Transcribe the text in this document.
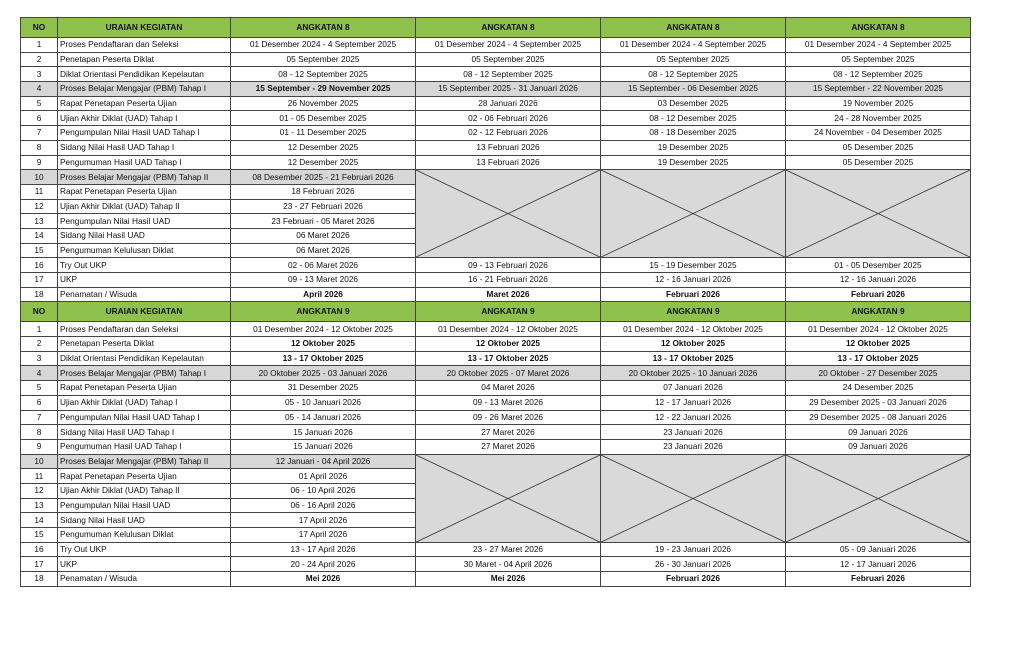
NO	URAIAN KEGIATAN	ANGKATAN 8	ANGKATAN 8	ANGKATAN 8	ANGKATAN 8
1	Proses Pendaftaran dan Seleksi	01 Desember 2024 - 4 September 2025	01 Desember 2024 - 4 September 2025	01 Desember 2024 - 4 September 2025	01 Desember 2024 - 4 September 2025
2	Penetapan Peserta Diklat	05 September 2025	05 September 2025	05 September 2025	05 September 2025
3	Diklat Orientasi Pendidikan Kepelautan	08 - 12 September 2025	08 - 12 September 2025	08 - 12 September 2025	08 - 12 September 2025
4	Proses Belajar Mengajar (PBM) Tahap I	15 September - 29 November 2025	15 September 2025 - 31 Januari 2026	15 September - 06 Desember 2025	15 September - 22 November 2025
5	Rapat Penetapan Peserta Ujian	26 November 2025	28 Januari 2026	03 Desember 2025	19 November 2025
6	Ujian Akhir Diklat (UAD) Tahap I	01 - 05 Desember 2025	02 - 06 Februari 2026	08 - 12 Desember 2025	24 - 28 November 2025
7	Pengumpulan Nilai Hasil UAD Tahap I	01 - 11 Desember 2025	02 - 12 Februari 2026	08 - 18 Desember 2025	24 November - 04 Desember 2025
8	Sidang Nilai Hasil UAD Tahap I	12 Desember 2025	13 Februari 2026	19 Desember 2025	05 Desember 2025
9	Pengumuman Hasil UAD Tahap I	12 Desember 2025	13 Februari 2026	19 Desember 2025	05 Desember 2025
10	Proses Belajar Mengajar (PBM) Tahap II	08 Desember 2025 - 21 Februari 2026	

11	Rapat Penetapan Peserta Ujian	18 Februari 2026			
12	Ujian Akhir Diklat (UAD) Tahap II	23 - 27 Februari 2026			
13	Pengumpulan Nilai Hasil UAD	23 Februari - 05 Maret 2026			
14	Sidang Nilai Hasil UAD	06 Maret 2026			
15	Pengumuman Kelulusan Diklat	06 Maret 2026			
16	Try Out UKP	02 - 06 Maret 2026	09 - 13 Februari 2026	15 - 19 Desember 2025	01 - 05 Desember 2025
17	UKP	09 - 13 Maret 2026	16 - 21 Februari 2026	12 - 16 Januari 2026	12 - 16 Januari 2026
18	Penamatan / Wisuda	April 2026	Maret 2026	Februari 2026	Februari 2026
NO	URAIAN KEGIATAN	ANGKATAN 9	ANGKATAN 9	ANGKATAN 9	ANGKATAN 9
1	Proses Pendaftaran dan Seleksi	01 Desember 2024 - 12 Oktober 2025	01 Desember 2024 - 12 Oktober 2025	01 Desember 2024 - 12 Oktober 2025	01 Desember 2024 - 12 Oktober 2025
2	Penetapan Peserta Diklat	12 Oktober 2025	12 Oktober 2025	12 Oktober 2025	12 Oktober 2025
3	Diklat Orientasi Pendidikan Kepelautan	13 - 17 Oktober 2025	13 - 17 Oktober 2025	13 - 17 Oktober 2025	13 - 17 Oktober 2025
4	Proses Belajar Mengajar (PBM) Tahap I	20 Oktober 2025 - 03 Januari 2026	20 Oktober 2025 - 07 Maret 2026	20 Oktober 2025 - 10 Januari 2026	20 Oktober - 27 Desember 2025
5	Rapat Penetapan Peserta Ujian	31 Desember 2025	04 Maret 2026	07 Januari 2026	24 Desember 2025
6	Ujian Akhir Diklat (UAD) Tahap I	05 - 10 Januari 2026	09 - 13 Maret 2026	12 - 17 Januari 2026	29 Desember 2025 - 03 Januari 2026
7	Pengumpulan Nilai Hasil UAD Tahap I	05 - 14 Januari 2026	09 - 26 Maret 2026	12 - 22 Januari 2026	29 Desember 2025 - 08 Januari 2026
8	Sidang Nilai Hasil UAD Tahap I	15 Januari 2026	27 Maret 2026	23 Januari 2026	09 Januari 2026
9	Pengumuman Hasil UAD Tahap I	15 Januari 2026	27 Maret 2026	23 Januari 2026	09 Januari 2026
10	Proses Belajar Mengajar (PBM) Tahap II	12 Januari - 04 April 2026	

11	Rapat Penetapan Peserta Ujian	01 April 2026			
12	Ujian Akhir Diklat (UAD) Tahap II	06 - 10 April 2026			
13	Pengumpulan Nilai Hasil UAD	06 - 16 April 2026			
14	Sidang Nilai Hasil UAD	17 April 2026			
15	Pengumuman Kelulusan Diklat	17 April 2026			
16	Try Out UKP	13 - 17 April 2026	23 - 27 Maret 2026	19 - 23 Januari 2026	05 - 09 Januari 2026
17	UKP	20 - 24 April 2026	30 Maret - 04 April 2026	26 - 30 Januari 2026	12 - 17 Januari 2026
18	Penamatan / Wisuda	Mei 2026	Mei 2026	Februari 2026	Februari 2026
